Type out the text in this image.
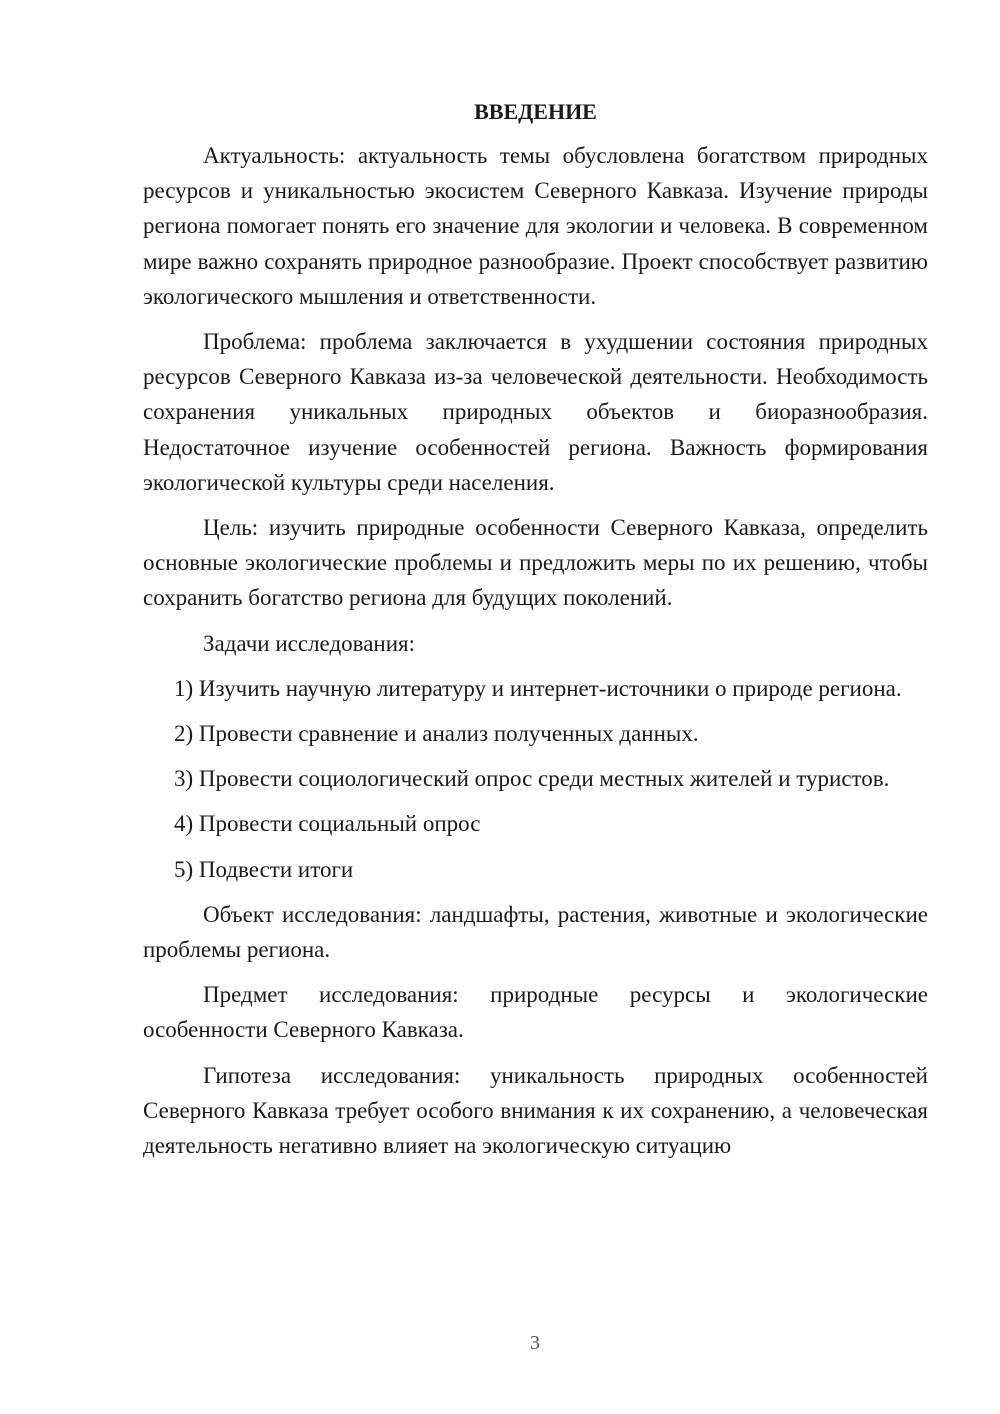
ВВЕДЕНИЕ

Актуальность: актуальность темы обусловлена богатством природных ресурсов и уникальностью экосистем Северного Кавказа. Изучение природы региона помогает понять его значение для экологии и человека. В современном мире важно сохранять природное разнообразие. Проект способствует развитию экологического мышления и ответственности.

Проблема: проблема заключается в ухудшении состояния природных ресурсов Северного Кавказа из-за человеческой деятельности. Необходимость сохранения уникальных природных объектов и биоразнообразия. Недостаточное изучение особенностей региона. Важность формирования экологической культуры среди населения.

Цель: изучить природные особенности Северного Кавказа, определить основные экологические проблемы и предложить меры по их решению, чтобы сохранить богатство региона для будущих поколений.

Задачи исследования:

1) Изучить научную литературу и интернет-источники о природе региона.

2) Провести сравнение и анализ полученных данных.

3) Провести социологический опрос среди местных жителей и туристов.

4) Провести социальный опрос

5) Подвести итоги

Объект исследования: ландшафты, растения, животные и экологические проблемы региона.

Предмет исследования: природные ресурсы и экологические особенности Северного Кавказа.

Гипотеза исследования: уникальность природных особенностей Северного Кавказа требует особого внимания к их сохранению, а человеческая деятельность негативно влияет на экологическую ситуацию

3
